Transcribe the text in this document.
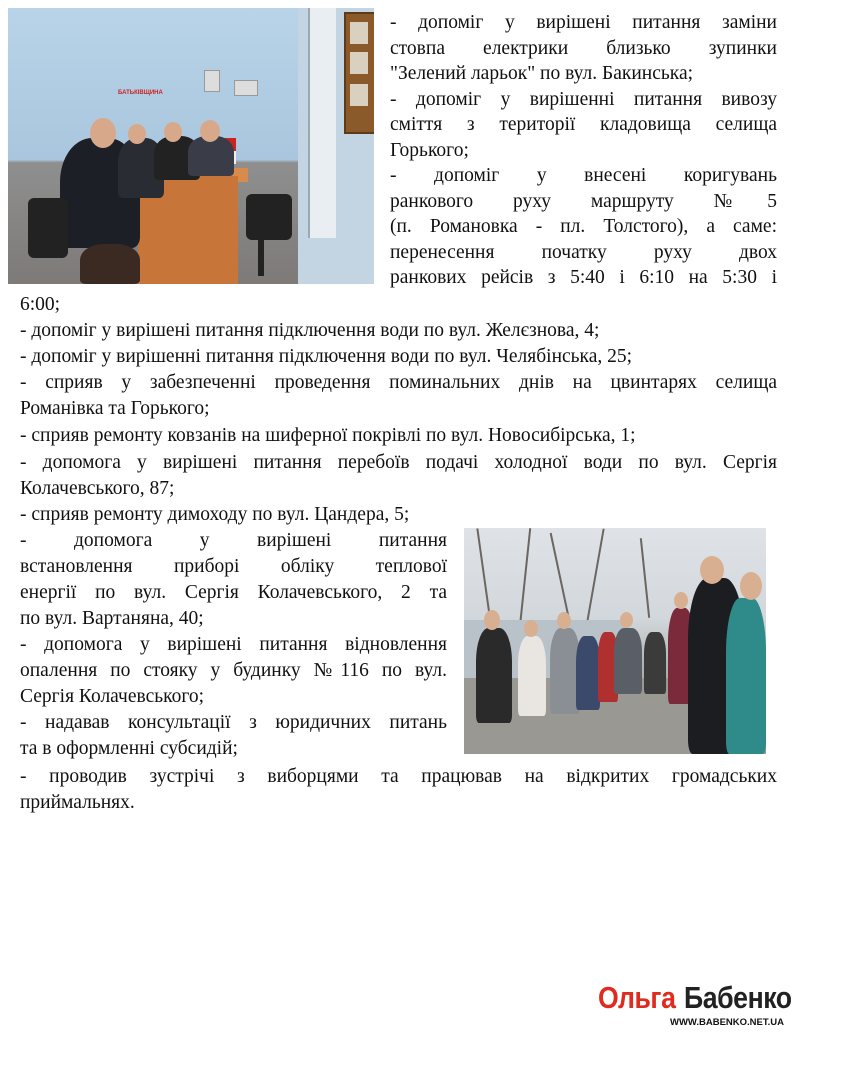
БАТЬКІВЩИНА
- допоміг у вирішені питання заміни
стовпа електрики близько зупинки
"Зелений ларьок" по вул. Бакинська;
- допоміг у вирішенні питання вивозу
сміття з території кладовища селища
Горького;
- допоміг у внесені коригувань
ранкового руху маршруту №5
(п. Романовка - пл. Толстого), а саме:
перенесення початку руху двох
ранкових рейсів з 5:40 і 6:10 на 5:30 і
6:00;
- допоміг у вирішені питання підключення води по вул. Желєзнова, 4;
- допоміг у вирішенні питання підключення води по вул. Челябінська, 25;
- сприяв у забезпеченні проведення поминальних днів на цвинтарях селища
Романівка та Горького;
- сприяв ремонту ковзанів на шиферної покрівлі по вул. Новосибірська, 1;
- допомога у вирішені питання перебоїв подачі холодної води по вул. Сергія
Колачевського, 87;
- сприяв ремонту димоходу по вул. Цандера, 5;
- допомога у вирішені питання
встановлення приборі обліку теплової
енергії по вул. Сергія Колачевського, 2 та
по вул. Вартаняна, 40;
- допомога у вирішені питання відновлення
опалення по стояку у будинку №116 по вул.
Сергія Колачевського;
- надавав консультації з юридичних питань
та в оформленні субсидій;
- проводив зустрічі з виборцями та працював на відкритих громадських
приймальнях.
Ольга Бабенко
WWW.BABENKO.NET.UA
